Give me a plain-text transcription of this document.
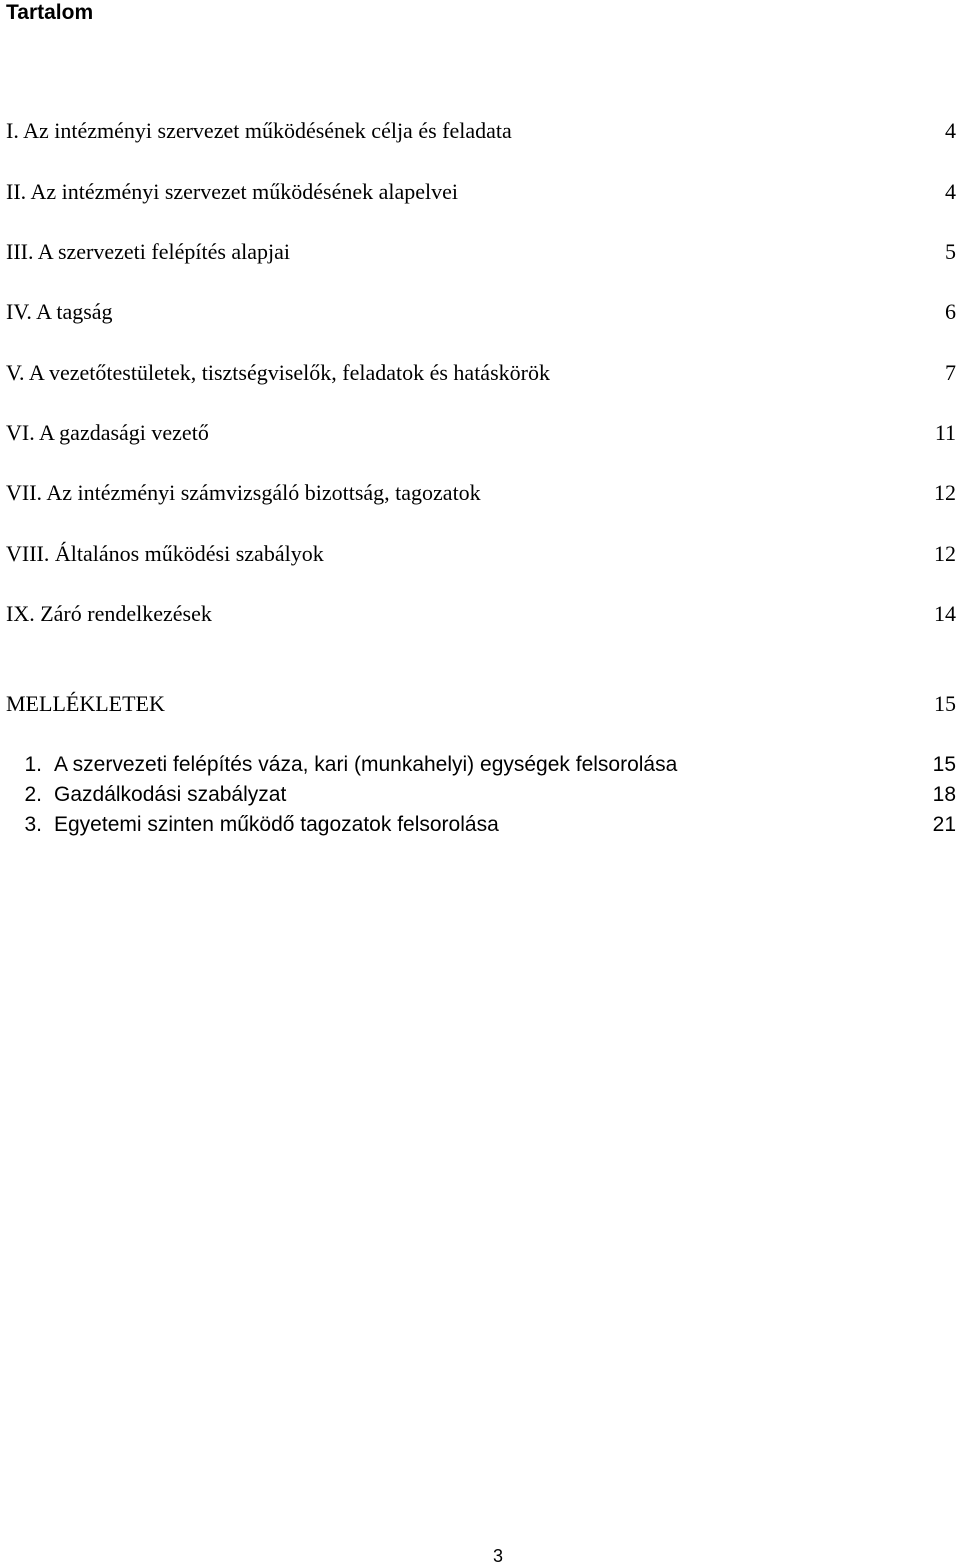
Tartalom
I. Az intézményi szervezet működésének célja és feladata	4
II. Az intézményi szervezet működésének alapelvei	4
III. A szervezeti felépítés alapjai	5
IV. A tagság	6
V. A vezetőtestületek, tisztségviselők, feladatok és hatáskörök	7
VI. A gazdasági vezető	11
VII. Az intézményi számvizsgáló bizottság, tagozatok	12
VIII. Általános működési szabályok	12
IX. Záró rendelkezések	14
MELLÉKLETEK	15
1. A szervezeti felépítés váza, kari (munkahelyi) egységek felsorolása	15
2. Gazdálkodási szabályzat	18
3. Egyetemi szinten működő tagozatok felsorolása	21
3
